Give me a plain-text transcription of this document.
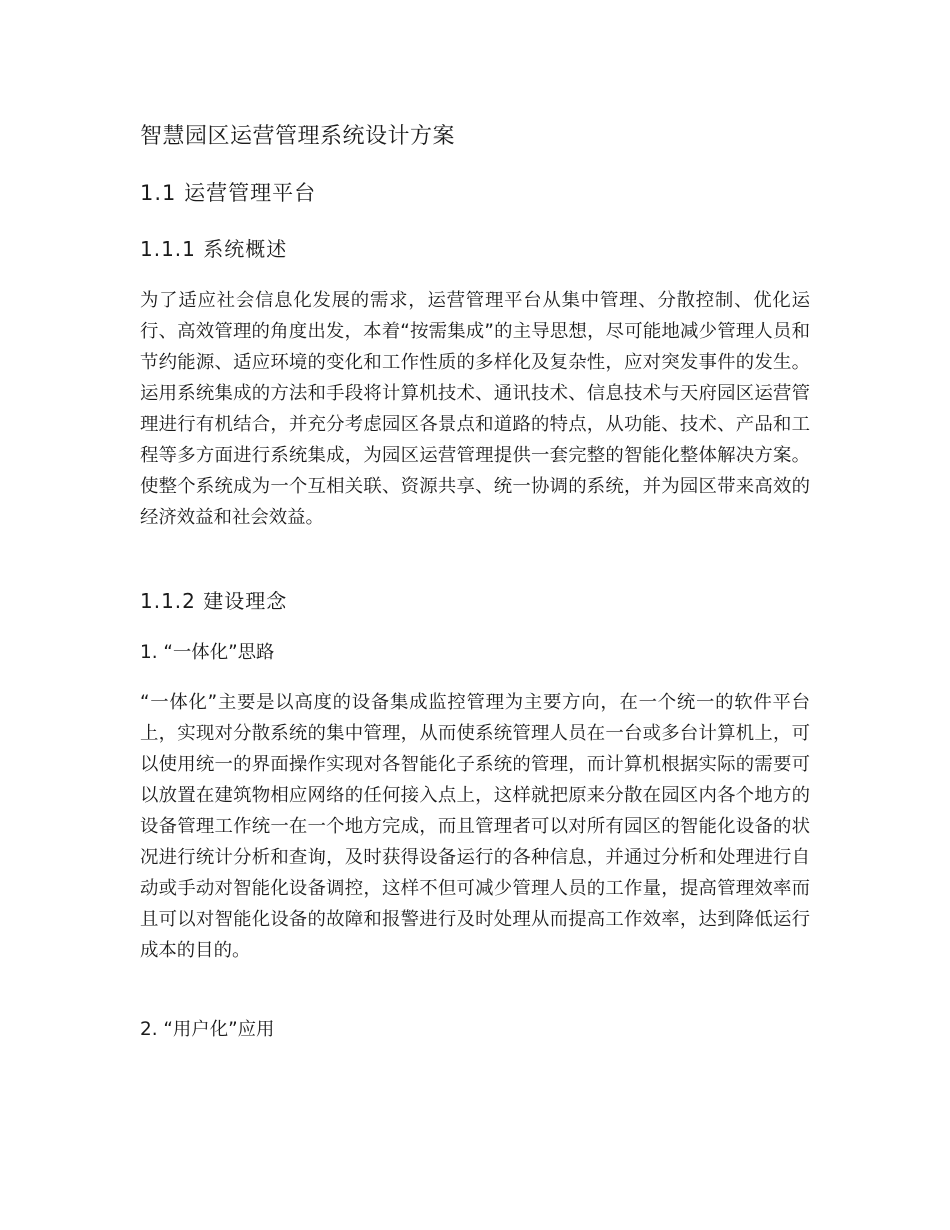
智慧园区运营管理系统设计方案
1.1 运营管理平台
1.1.1 系统概述

为了适应社会信息化发展的需求，运营管理平台从集中管理、分散控制、优化运行、高效管理的角度出发，本着“按需集成”的主导思想，尽可能地减少管理人员和节约能源、适应环境的变化和工作性质的多样化及复杂性，应对突发事件的发生。运用系统集成的方法和手段将计算机技术、通讯技术、信息技术与天府园区运营管理进行有机结合，并充分考虑园区各景点和道路的特点，从功能、技术、产品和工程等多方面进行系统集成，为园区运营管理提供一套完整的智能化整体解决方案。使整个系统成为一个互相关联、资源共享、统一协调的系统，并为园区带来高效的经济效益和社会效益。

1.1.2 建设理念
1. “一体化”思路

“一体化”主要是以高度的设备集成监控管理为主要方向，在一个统一的软件平台上，实现对分散系统的集中管理，从而使系统管理人员在一台或多台计算机上，可以使用统一的界面操作实现对各智能化子系统的管理，而计算机根据实际的需要可以放置在建筑物相应网络的任何接入点上，这样就把原来分散在园区内各个地方的设备管理工作统一在一个地方完成，而且管理者可以对所有园区的智能化设备的状况进行统计分析和查询，及时获得设备运行的各种信息，并通过分析和处理进行自动或手动对智能化设备调控，这样不但可减少管理人员的工作量，提高管理效率而且可以对智能化设备的故障和报警进行及时处理从而提高工作效率，达到降低运行成本的目的。

2. “用户化”应用
